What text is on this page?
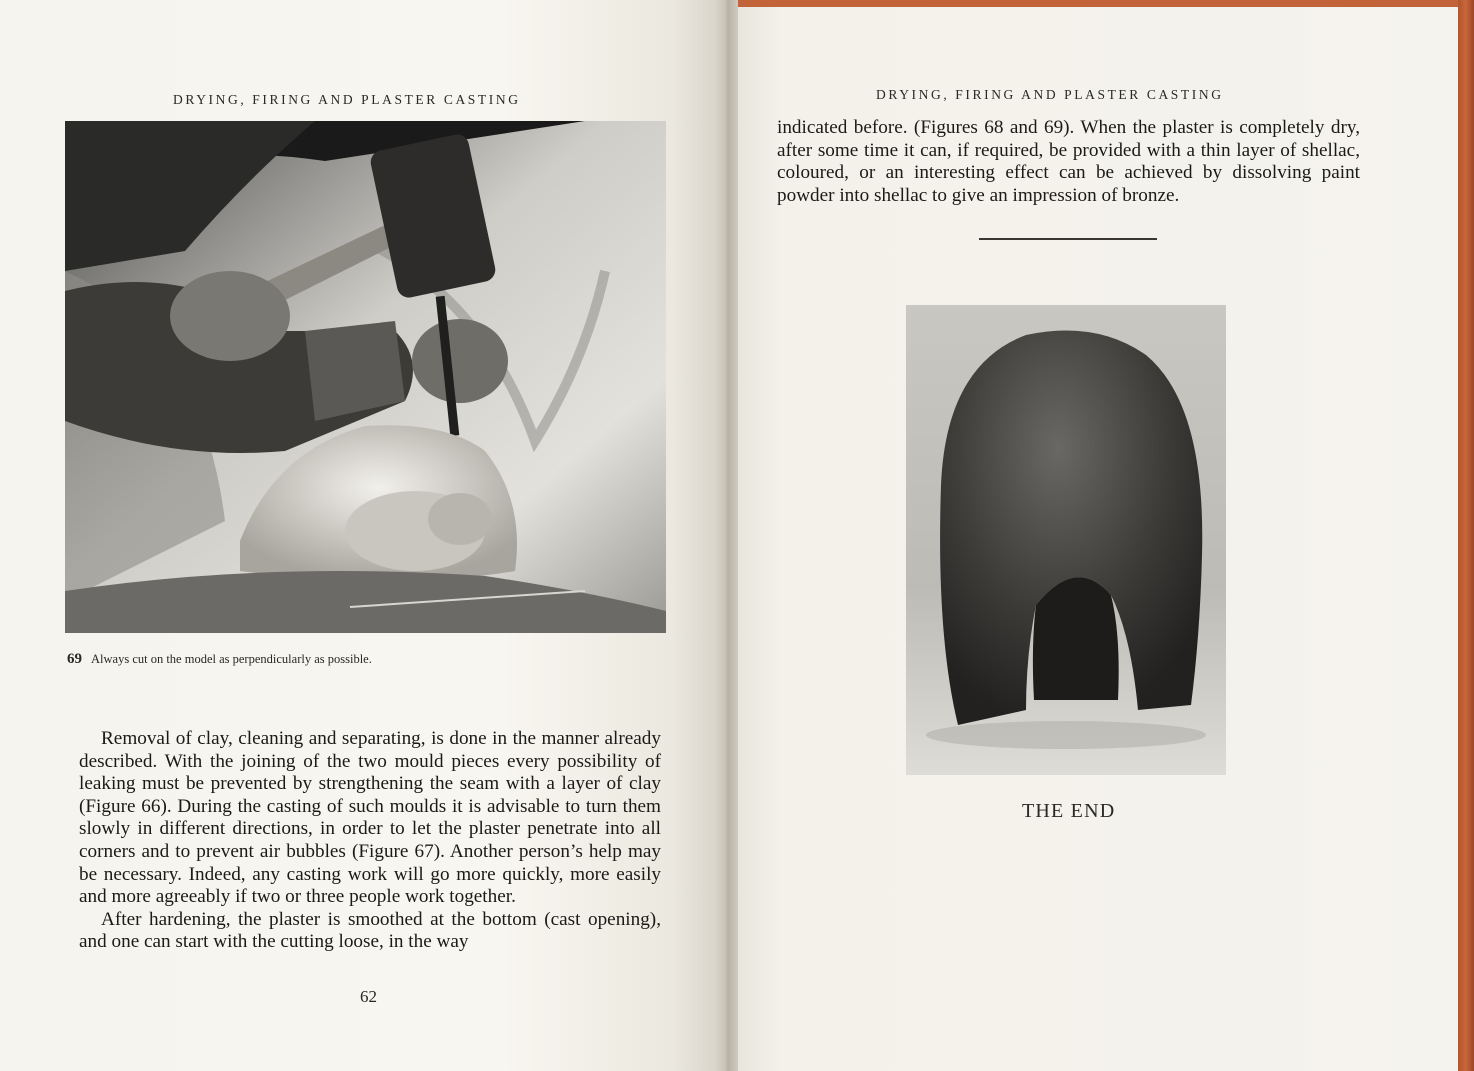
DRYING, FIRING AND PLASTER CASTING
69 Always cut on the model as perpendicularly as possible.

Removal of clay, cleaning and separating, is done in the manner already described. With the joining of the two mould pieces every possibility of leaking must be prevented by strengthening the seam with a layer of clay (Figure 66). During the casting of such moulds it is advisable to turn them slowly in different directions, in order to let the plaster penetrate into all corners and to prevent air bubbles (Figure 67). Another person’s help may be necessary. Indeed, any casting work will go more quickly, more easily and more agreeably if two or three people work together.

After hardening, the plaster is smoothed at the bottom (cast opening), and one can start with the cutting loose, in the way

62
DRYING, FIRING AND PLASTER CASTING

indicated before. (Figures 68 and 69). When the plaster is completely dry, after some time it can, if required, be provided with a thin layer of shellac, coloured, or an interesting effect can be achieved by dissolving paint powder into shellac to give an impression of bronze.

THE END
